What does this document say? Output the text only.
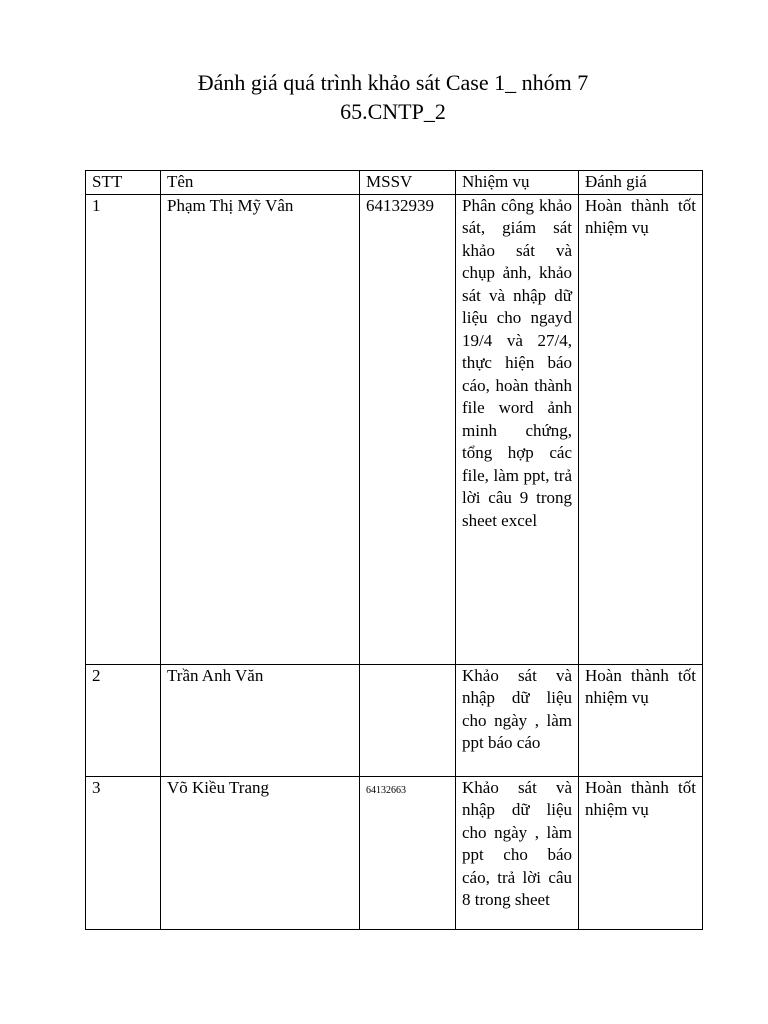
Đánh giá quá trình khảo sát Case 1_ nhóm 7
65.CNTP_2
STT	Tên	MSSV	Nhiệm vụ	Đánh giá
1	Phạm Thị Mỹ Vân	64132939	Phân công khảo sát, giám sát khảo sát và chụp ảnh, khảo sát và nhập dữ liệu cho ngayd 19/4 và 27/4, thực hiện báo cáo, hoàn thành file word ảnh minh chứng, tổng hợp các file, làm ppt, trả lời câu 9 trong sheet excel	Hoàn thành tốt nhiệm vụ
2	Trần Anh Văn		Khảo sát và nhập dữ liệu cho ngày , làm ppt báo cáo	Hoàn thành tốt nhiệm vụ
3	Võ Kiều Trang	64132663	Khảo sát và nhập dữ liệu cho ngày , làm ppt cho báo cáo, trả lời câu 8 trong sheet	Hoàn thành tốt nhiệm vụ
